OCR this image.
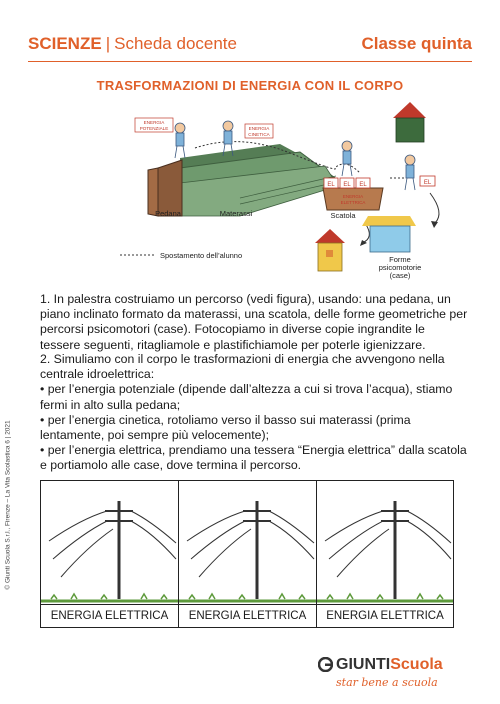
SCIENZE | Scheda docente	Classe quinta
TRASFORMAZIONI DI ENERGIA CON IL CORPO
EL EL EL
ENERGIA
ELETTRICA
ENERGIA
POTENZIALE	ENERGIA
CINETICA
EL
Pedana	Materassi	Scatola
Spostamento dell’alunno	Forme
psicomotorie
(case)
© Giunti Scuola S.r.l., Firenze – La Vita Scolastica 6 | 2021
1. In palestra costruiamo un percorso (vedi figura), usando: una pedana, un piano inclinato formato da materassi, una scatola, delle forme geometriche per percorsi psicomotori (case). Fotocopiamo in diverse copie ingrandite le tessere seguenti, ritagliamole e plastifichiamole per poterle igienizzare.
2. Simuliamo con il corpo le trasformazioni di energia che avvengono nella centrale idroelettrica:
• per l’energia potenziale (dipende dall’altezza a cui si trova l’acqua), stiamo fermi in alto sulla pedana;
• per l’energia cinetica, rotoliamo verso il basso sui materassi (prima lentamente, poi sempre più velocemente);
• per l’energia elettrica, prendiamo una tessera “Energia elettrica” dalla scatola e portiamolo alle case, dove termina il percorso.
ENERGIA ELETTRICA	ENERGIA ELETTRICA	ENERGIA ELETTRICA
GIUNTIScuola
star bene a scuola
